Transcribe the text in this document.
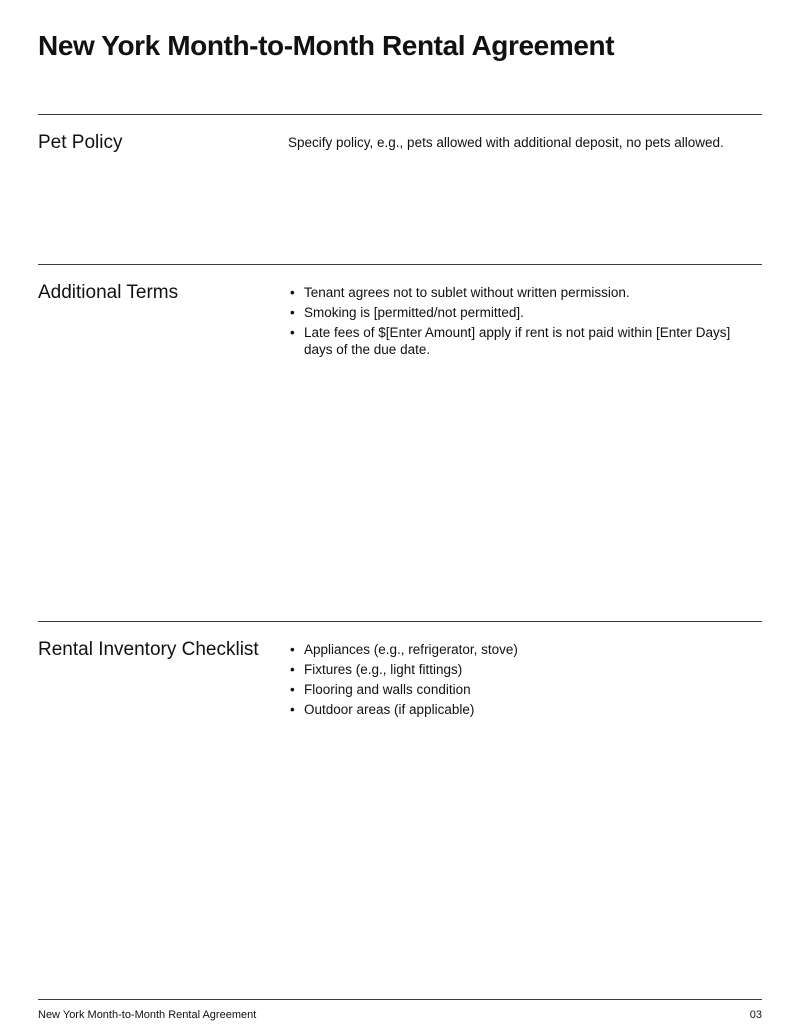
New York Month-to-Month Rental Agreement
Pet Policy	Specify policy, e.g., pets allowed with additional deposit, no pets allowed.

Additional Terms	• Tenant agrees not to sublet without written permission.
• Smoking is [permitted/not permitted].
• Late fees of $[Enter Amount] apply if rent is not paid within [Enter Days] days of the due date.
Rental Inventory Checklist	• Appliances (e.g., refrigerator, stove)
• Fixtures (e.g., light fittings)
• Flooring and walls condition
• Outdoor areas (if applicable)
New York Month-to-Month Rental Agreement	03
